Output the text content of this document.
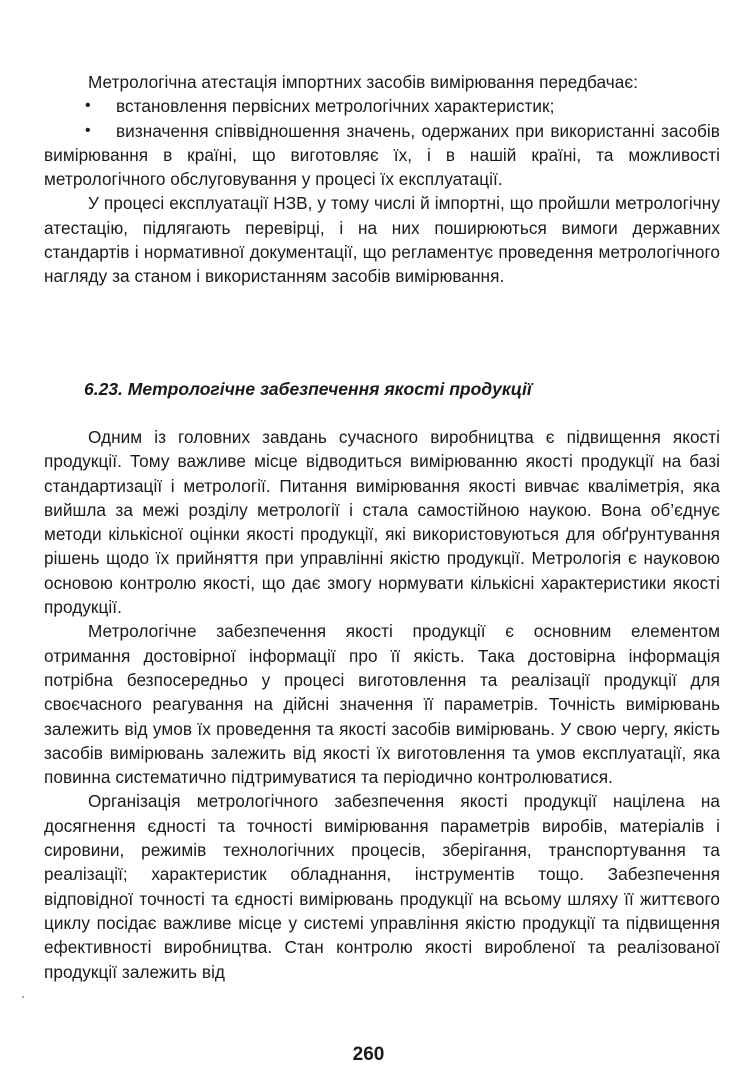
Метрологічна атестація імпортних засобів вимірювання передбачає:

• встановлення первісних метрологічних характеристик;
• визначення співвідношення значень, одержаних при використанні засобів вимірювання в країні, що виготовляє їх, і в нашій країні, та можливості метрологічного обслуговування у процесі їх експлуатації.

У процесі експлуатації НЗВ, у тому числі й імпортні, що пройшли метрологічну атестацію, підлягають перевірці, і на них поширюються вимоги державних стандартів і нормативної документації, що регламентує проведення метрологічного нагляду за станом і використанням засобів вимірювання.

6.23. Метрологічне забезпечення якості продукції

Одним із головних завдань сучасного виробництва є підвищення якості продукції. Тому важливе місце відводиться вимірюванню якості продукції на базі стандартизації і метрології. Питання вимірювання якості вивчає кваліметрія, яка вийшла за межі розділу метрології і стала самостійною наукою. Вона об’єднує методи кількісної оцінки якості продукції, які використовуються для обґрунтування рішень щодо їх прийняття при управлінні якістю продукції. Метрологія є науковою основою контролю якості, що дає змогу нормувати кількісні характеристики якості продукції.

Метрологічне забезпечення якості продукції є основним елементом отримання достовірної інформації про її якість. Така достовірна інформація потрібна безпосередньо у процесі виготовлення та реалізації продукції для своєчасного реагування на дійсні значення її параметрів. Точність вимірювань залежить від умов їх проведення та якості засобів вимірювань. У свою чергу, якість засобів вимірювань залежить від якості їх виготовлення та умов експлуатації, яка повинна систематично підтримуватися та періодично контролюватися.

Організація метрологічного забезпечення якості продукції націлена на досягнення єдності та точності вимірювання параметрів виробів, матеріалів і сировини, режимів технологічних процесів, зберігання, транспортування та реалізації; характеристик обладнання, інструментів тощо. Забезпечення відповідної точності та єдності вимірювань продукції на всьому шляху її життєвого циклу посідає важливе місце у системі управління якістю продукції та підвищення ефективності виробництва. Стан контролю якості виробленої та реалізованої продукції залежить від

260
